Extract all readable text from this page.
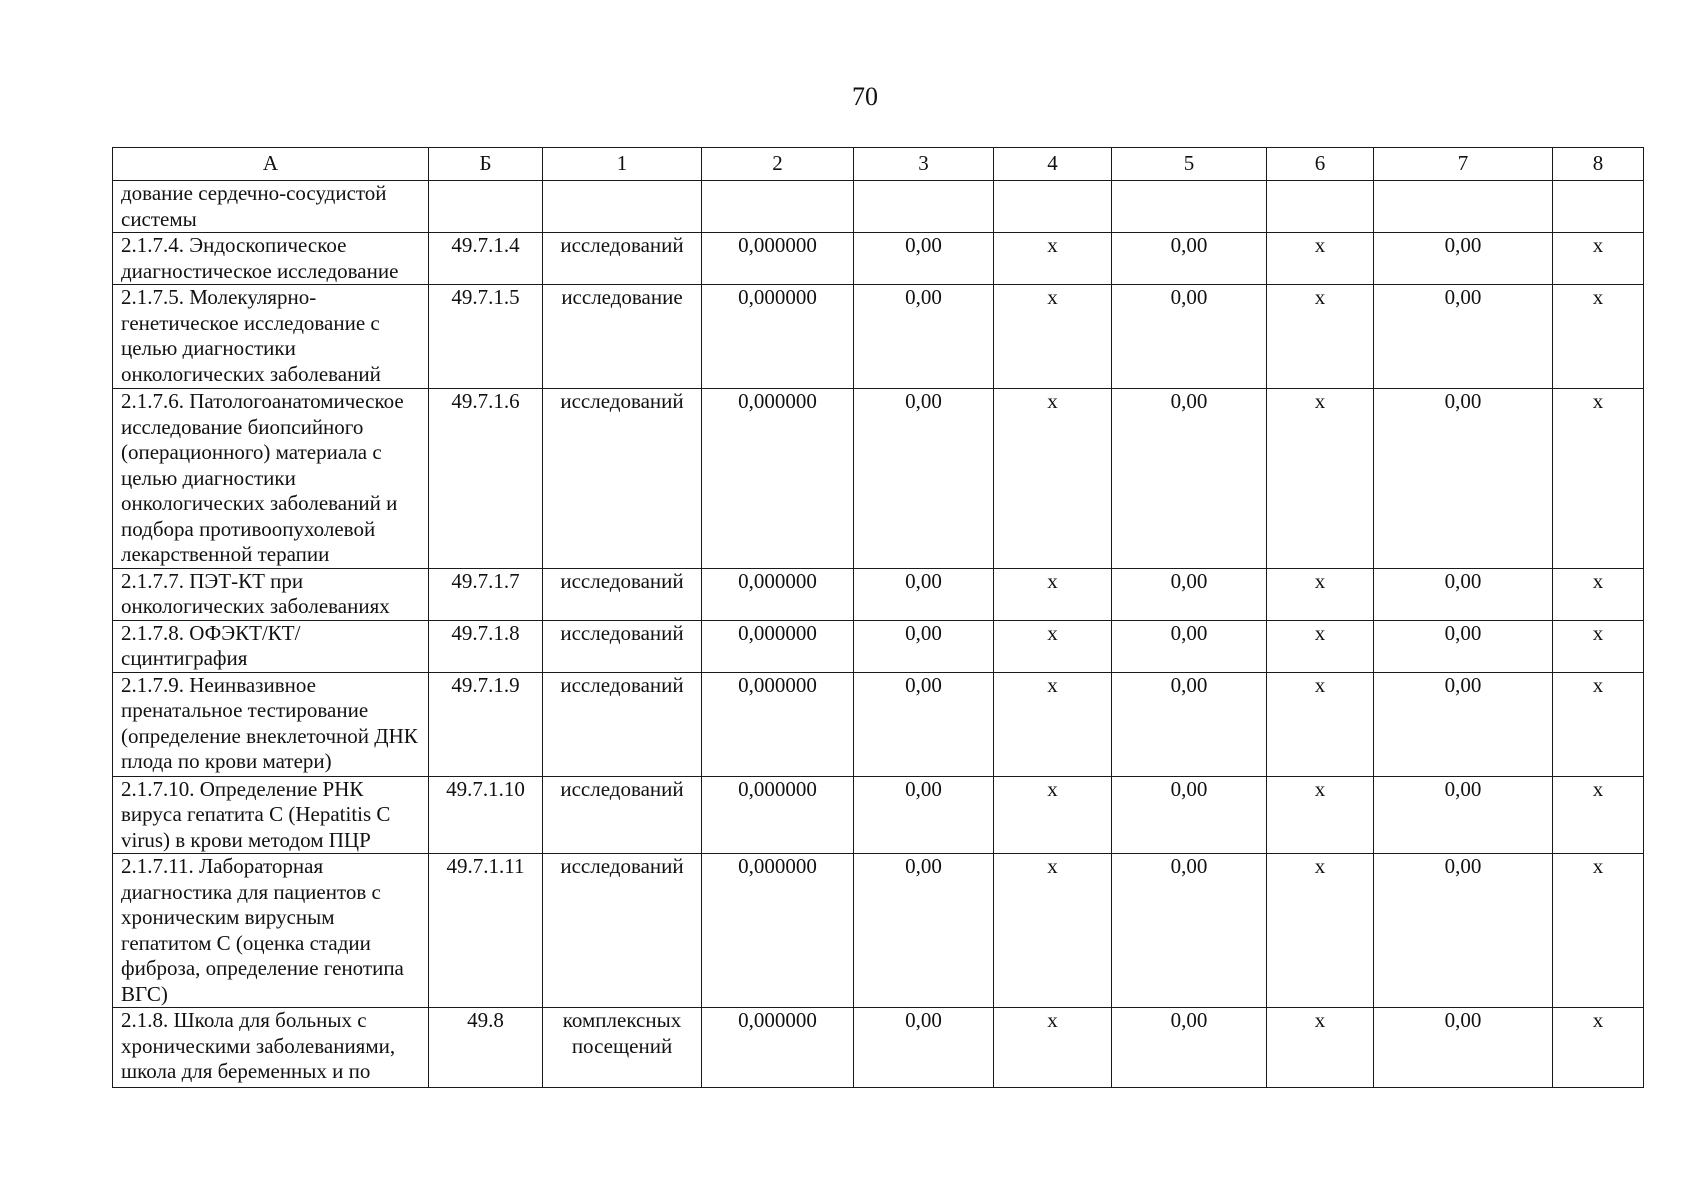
70
А	Б	1	2	3	4	5	6	7	8
дование сердечно-сосудистой системы									
2.1.7.4. Эндоскопическое диагностическое исследование	49.7.1.4	исследований	0,000000	0,00	х	0,00	х	0,00	х
2.1.7.5. Молекулярно-генетическое исследование с целью диагностики онкологических заболеваний	49.7.1.5	исследование	0,000000	0,00	х	0,00	х	0,00	х
2.1.7.6. Патологоанатомическое исследование биопсийного (операционного) материала с целью диагностики онкологических заболеваний и подбора противоопухолевой лекарственной терапии	49.7.1.6	исследований	0,000000	0,00	х	0,00	х	0,00	х
2.1.7.7. ПЭТ-КТ при онкологических заболеваниях	49.7.1.7	исследований	0,000000	0,00	х	0,00	х	0,00	х
2.1.7.8. ОФЭКТ/КТ/ сцинтиграфия	49.7.1.8	исследований	0,000000	0,00	х	0,00	х	0,00	х
2.1.7.9. Неинвазивное пренатальное тестирование (определение внеклеточной ДНК плода по крови матери)	49.7.1.9	исследований	0,000000	0,00	х	0,00	х	0,00	х
2.1.7.10. Определение РНК вируса гепатита С (Hepatitis C virus) в крови методом ПЦР	49.7.1.10	исследований	0,000000	0,00	х	0,00	х	0,00	х
2.1.7.11. Лабораторная диагностика для пациентов с хроническим вирусным гепатитом С (оценка стадии фиброза, определение генотипа ВГС)	49.7.1.11	исследований	0,000000	0,00	х	0,00	х	0,00	х
2.1.8. Школа для больных с хроническими заболеваниями, школа для беременных и по	49.8	комплексных посещений	0,000000	0,00	х	0,00	х	0,00	х
